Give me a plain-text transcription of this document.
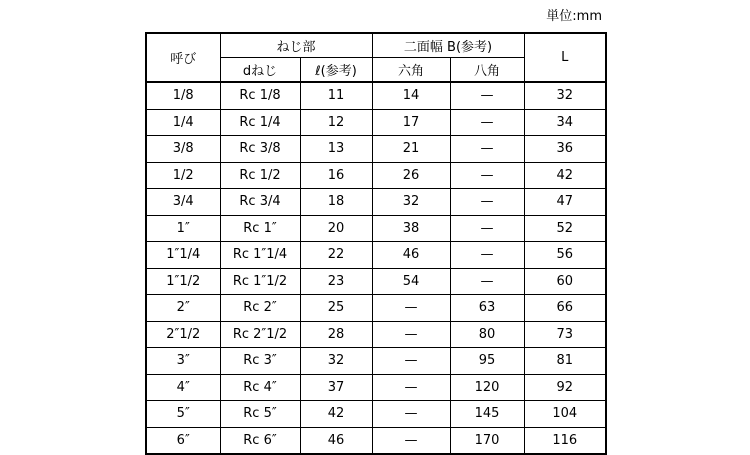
単位:mm
呼び	ねじ部		二面幅 B(参考)		L
	dねじ	ℓ(参考)	六角	八角	
1/8	Rc 1/8	11	14	—	32
1/4	Rc 1/4	12	17	—	34
3/8	Rc 3/8	13	21	—	36
1/2	Rc 1/2	16	26	—	42
3/4	Rc 3/4	18	32	—	47
1″	Rc 1″	20	38	—	52
1″1/4	Rc 1″1/4	22	46	—	56
1″1/2	Rc 1″1/2	23	54	—	60
2″	Rc 2″	25	—	63	66
2″1/2	Rc 2″1/2	28	—	80	73
3″	Rc 3″	32	—	95	81
4″	Rc 4″	37	—	120	92
5″	Rc 5″	42	—	145	104
6″	Rc 6″	46	—	170	116
